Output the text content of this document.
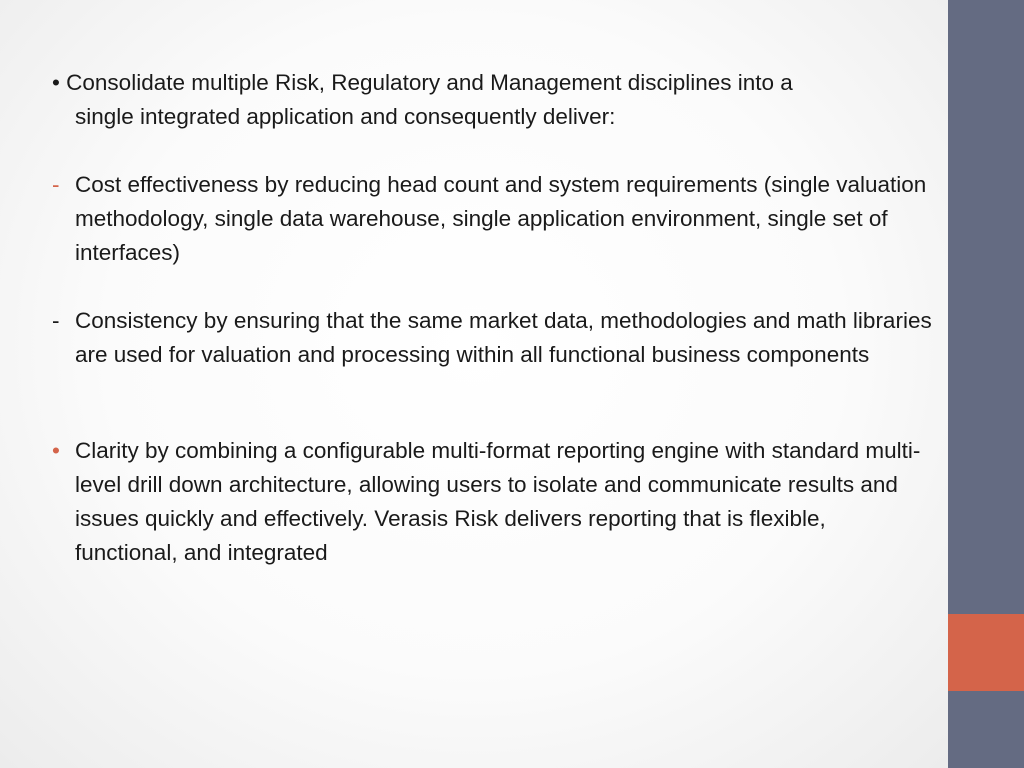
• Consolidate multiple Risk, Regulatory and Management disciplines into a
single integrated application and consequently deliver:
- Cost effectiveness by reducing head count and system requirements (single valuation methodology, single data warehouse, single application environment, single set of interfaces)
- Consistency by ensuring that the same market data, methodologies and math libraries are used for valuation and processing within all functional business components
• Clarity by combining a configurable multi-format reporting engine with standard multi-level drill down architecture, allowing users to isolate and communicate results and issues quickly and effectively. Verasis Risk delivers reporting that is flexible, functional, and integrated
